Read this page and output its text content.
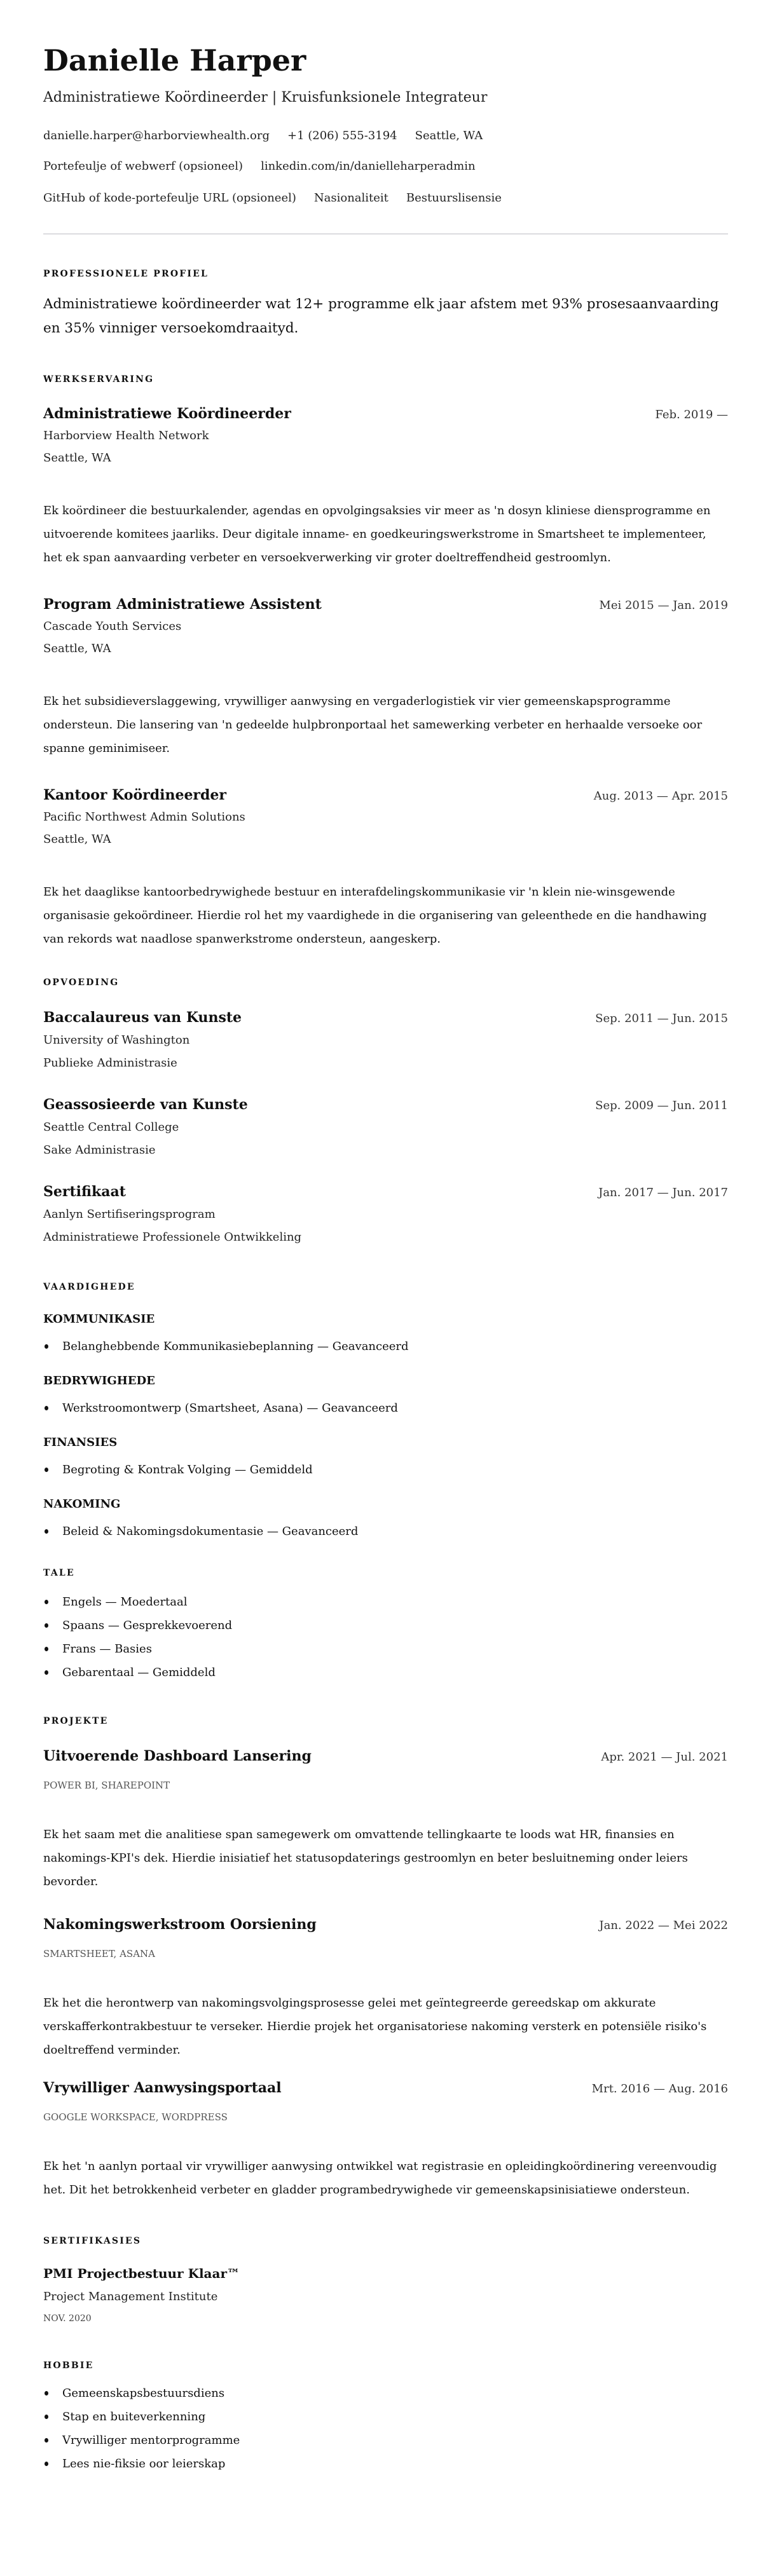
Danielle Harper
Administratiewe Koördineerder | Kruisfunksionele Integrateur
danielle.harper@harborviewhealth.org +1 (206) 555-3194 Seattle, WA
Portefeulje of webwerf (opsioneel) linkedin.com/in/danielleharperadmin
GitHub of kode-portefeulje URL (opsioneel) Nasionaliteit Bestuurslisensie
PROFESSIONELE PROFIEL
Administratiewe koördineerder wat 12+ programme elk jaar afstem met 93% prosesaanvaarding en 35% vinniger versoekomdraaityd.
WERKSERVARING
Administratiewe Koördineerder	Feb. 2019 —
Harborview Health Network
Seattle, WA
Ek koördineer die bestuurkalender, agendas en opvolgingsaksies vir meer as 'n dosyn kliniese diensprogramme en uitvoerende komitees jaarliks. Deur digitale inname- en goedkeuringswerkstrome in Smartsheet te implementeer, het ek span aanvaarding verbeter en versoekverwerking vir groter doeltreffendheid gestroomlyn.
Program Administratiewe Assistent	Mei 2015 — Jan. 2019
Cascade Youth Services
Seattle, WA
Ek het subsidieverslaggewing, vrywilliger aanwysing en vergaderlogistiek vir vier gemeenskapsprogramme ondersteun. Die lansering van 'n gedeelde hulpbronportaal het samewerking verbeter en herhaalde versoeke oor spanne geminimiseer.
Kantoor Koördineerder	Aug. 2013 — Apr. 2015
Pacific Northwest Admin Solutions
Seattle, WA
Ek het daaglikse kantoorbedrywighede bestuur en interafdelingskommunikasie vir 'n klein nie-winsgewende organisasie gekoördineer. Hierdie rol het my vaardighede in die organisering van geleenthede en die handhawing van rekords wat naadlose spanwerkstrome ondersteun, aangeskerp.
OPVOEDING
Baccalaureus van Kunste	Sep. 2011 — Jun. 2015
University of Washington
Publieke Administrasie
Geassosieerde van Kunste	Sep. 2009 — Jun. 2011
Seattle Central College
Sake Administrasie
Sertifikaat	Jan. 2017 — Jun. 2017
Aanlyn Sertifiseringsprogram
Administratiewe Professionele Ontwikkeling
VAARDIGHEDE
KOMMUNIKASIE
Belanghebbende Kommunikasiebeplanning — Geavanceerd
BEDRYWIGHEDE
Werkstroomontwerp (Smartsheet, Asana) — Geavanceerd
FINANSIES
Begroting & Kontrak Volging — Gemiddeld
NAKOMING
Beleid & Nakomingsdokumentasie — Geavanceerd
TALE
Engels — Moedertaal
Spaans — Gesprekkevoerend
Frans — Basies
Gebarentaal — Gemiddeld
PROJEKTE
Uitvoerende Dashboard Lansering	Apr. 2021 — Jul. 2021
POWER BI, SHAREPOINT
Ek het saam met die analitiese span samegewerk om omvattende tellingkaarte te loods wat HR, finansies en nakomings-KPI's dek. Hierdie inisiatief het statusopdaterings gestroomlyn en beter besluitneming onder leiers bevorder.
Nakomingswerkstroom Oorsiening	Jan. 2022 — Mei 2022
SMARTSHEET, ASANA
Ek het die herontwerp van nakomingsvolgingsprosesse gelei met geïntegreerde gereedskap om akkurate verskafferkontrakbestuur te verseker. Hierdie projek het organisatoriese nakoming versterk en potensiële risiko's doeltreffend verminder.
Vrywilliger Aanwysingsportaal	Mrt. 2016 — Aug. 2016
GOOGLE WORKSPACE, WORDPRESS
Ek het 'n aanlyn portaal vir vrywilliger aanwysing ontwikkel wat registrasie en opleidingkoördinering vereenvoudig het. Dit het betrokkenheid verbeter en gladder programbedrywighede vir gemeenskapsinisiatiewe ondersteun.
SERTIFIKASIES
PMI Projectbestuur Klaar™
Project Management Institute
NOV. 2020
HOBBIE
Gemeenskapsbestuursdiens
Stap en buiteverkenning
Vrywilliger mentorprogramme
Lees nie-fiksie oor leierskap
